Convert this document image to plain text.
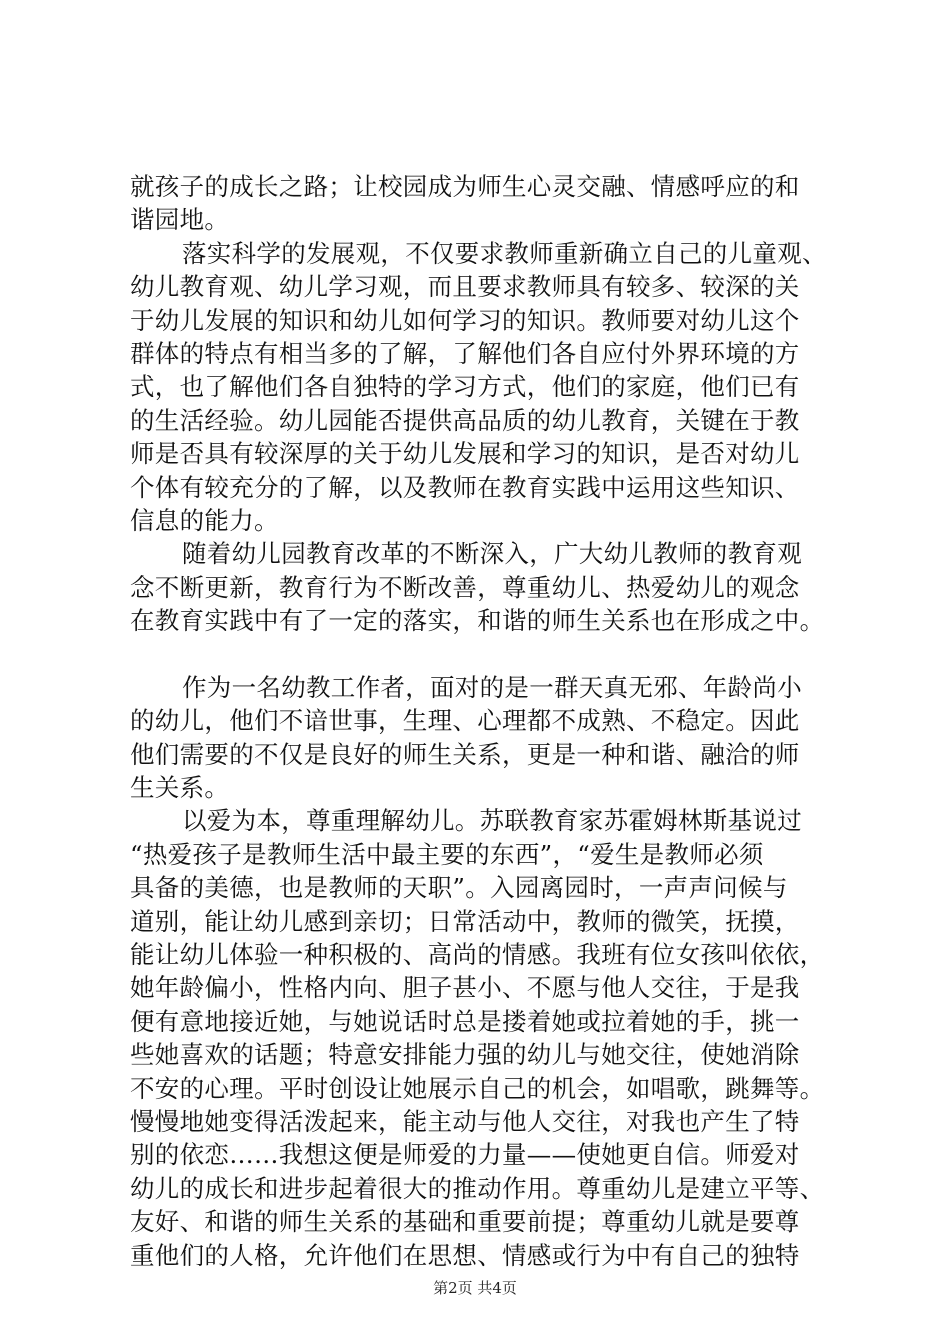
就孩子的成长之路；让校园成为师生心灵交融、情感呼应的和
谐园地。
落实科学的发展观，不仅要求教师重新确立自己的儿童观、
幼儿教育观、幼儿学习观，而且要求教师具有较多、较深的关
于幼儿发展的知识和幼儿如何学习的知识。教师要对幼儿这个
群体的特点有相当多的了解，了解他们各自应付外界环境的方
式，也了解他们各自独特的学习方式，他们的家庭，他们已有
的生活经验。幼儿园能否提供高品质的幼儿教育，关键在于教
师是否具有较深厚的关于幼儿发展和学习的知识，是否对幼儿
个体有较充分的了解，以及教师在教育实践中运用这些知识、
信息的能力。
随着幼儿园教育改革的不断深入，广大幼儿教师的教育观
念不断更新，教育行为不断改善，尊重幼儿、热爱幼儿的观念
在教育实践中有了一定的落实，和谐的师生关系也在形成之中。
作为一名幼教工作者，面对的是一群天真无邪、年龄尚小
的幼儿，他们不谙世事，生理、心理都不成熟、不稳定。因此
他们需要的不仅是良好的师生关系，更是一种和谐、融洽的师
生关系。
以爱为本，尊重理解幼儿。苏联教育家苏霍姆林斯基说过
“热爱孩子是教师生活中最主要的东西”，“爱生是教师必须
具备的美德，也是教师的天职”。入园离园时，一声声问候与
道别，能让幼儿感到亲切；日常活动中，教师的微笑，抚摸，
能让幼儿体验一种积极的、高尚的情感。我班有位女孩叫依依，
她年龄偏小，性格内向、胆子甚小、不愿与他人交往，于是我
便有意地接近她，与她说话时总是搂着她或拉着她的手，挑一
些她喜欢的话题；特意安排能力强的幼儿与她交往，使她消除
不安的心理。平时创设让她展示自己的机会，如唱歌，跳舞等。
慢慢地她变得活泼起来，能主动与他人交往，对我也产生了特
别的依恋……我想这便是师爱的力量——使她更自信。师爱对
幼儿的成长和进步起着很大的推动作用。尊重幼儿是建立平等、
友好、和谐的师生关系的基础和重要前提；尊重幼儿就是要尊
重他们的人格，允许他们在思想、情感或行为中有自己的独特
第2页 共4页
